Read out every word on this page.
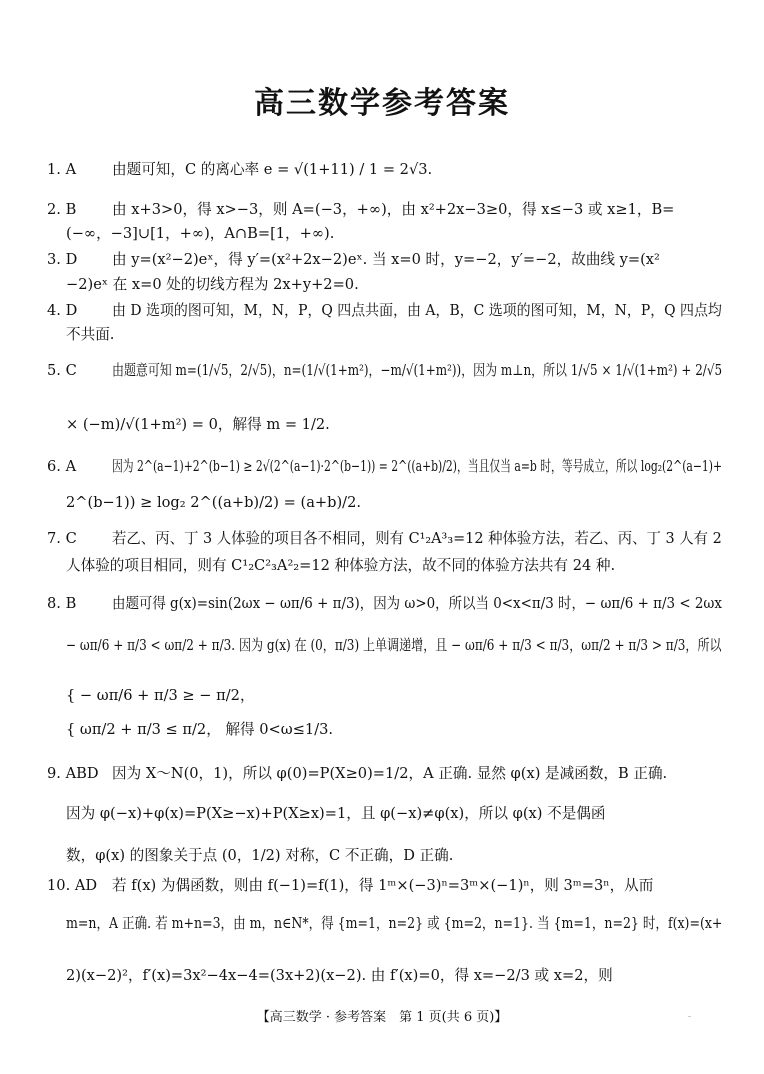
高三数学参考答案
1. A 由题可知，C 的离心率 e = √(1+11) / 1 = 2√3.
2. B 由 x+3>0，得 x>−3，则 A=(−3，+∞)，由 x²+2x−3≥0，得 x≤−3 或 x≥1，B=
(−∞，−3]∪[1，+∞)，A∩B=[1，+∞).
3. D 由 y=(x²−2)eˣ，得 y′=(x²+2x−2)eˣ. 当 x=0 时，y=−2，y′=−2，故曲线 y=(x²
−2)eˣ 在 x=0 处的切线方程为 2x+y+2=0.
4. D 由 D 选项的图可知，M，N，P，Q 四点共面，由 A，B，C 选项的图可知，M，N，P，Q 四点均
不共面.
5. C 由题意可知 m=(1/√5，2/√5)，n=(1/√(1+m²)，−m/√(1+m²))，因为 m⊥n，所以 1/√5 × 1/√(1+m²) + 2/√5
× (−m)/√(1+m²) = 0，解得 m = 1/2.
6. A 因为 2^(a−1)+2^(b−1) ≥ 2√(2^(a−1)·2^(b−1)) = 2^((a+b)/2)，当且仅当 a=b 时，等号成立，所以 log₂(2^(a−1)+
2^(b−1)) ≥ log₂ 2^((a+b)/2) = (a+b)/2.
7. C 若乙、丙、丁 3 人体验的项目各不相同，则有 C¹₂A³₃=12 种体验方法，若乙、丙、丁 3 人有 2
人体验的项目相同，则有 C¹₂C²₃A²₂=12 种体验方法，故不同的体验方法共有 24 种.
8. B 由题可得 g(x)=sin(2ωx − ωπ/6 + π/3)，因为 ω>0，所以当 0<x<π/3 时，− ωπ/6 + π/3 < 2ωx
− ωπ/6 + π/3 < ωπ/2 + π/3. 因为 g(x) 在 (0，π/3) 上单调递增，且 − ωπ/6 + π/3 < π/3，ωπ/2 + π/3 > π/3，所以
{ − ωπ/6 + π/3 ≥ − π/2，
{ ωπ/2 + π/3 ≤ π/2， 解得 0<ω≤1/3.
9. ABD 因为 X～N(0，1)，所以 φ(0)=P(X≥0)=1/2，A 正确. 显然 φ(x) 是减函数，B 正确.
因为 φ(−x)+φ(x)=P(X≥−x)+P(X≥x)=1，且 φ(−x)≠φ(x)，所以 φ(x) 不是偶函
数，φ(x) 的图象关于点 (0，1/2) 对称，C 不正确，D 正确.
10. AD 若 f(x) 为偶函数，则由 f(−1)=f(1)，得 1ᵐ×(−3)ⁿ=3ᵐ×(−1)ⁿ，则 3ᵐ=3ⁿ，从而
m=n，A 正确. 若 m+n=3，由 m，n∈N*，得 {m=1，n=2} 或 {m=2，n=1}. 当 {m=1，n=2} 时，f(x)=(x+
2)(x−2)²，f′(x)=3x²−4x−4=(3x+2)(x−2). 由 f′(x)=0，得 x=−2/3 或 x=2，则
【高三数学 · 参考答案　第 1 页(共 6 页)】
